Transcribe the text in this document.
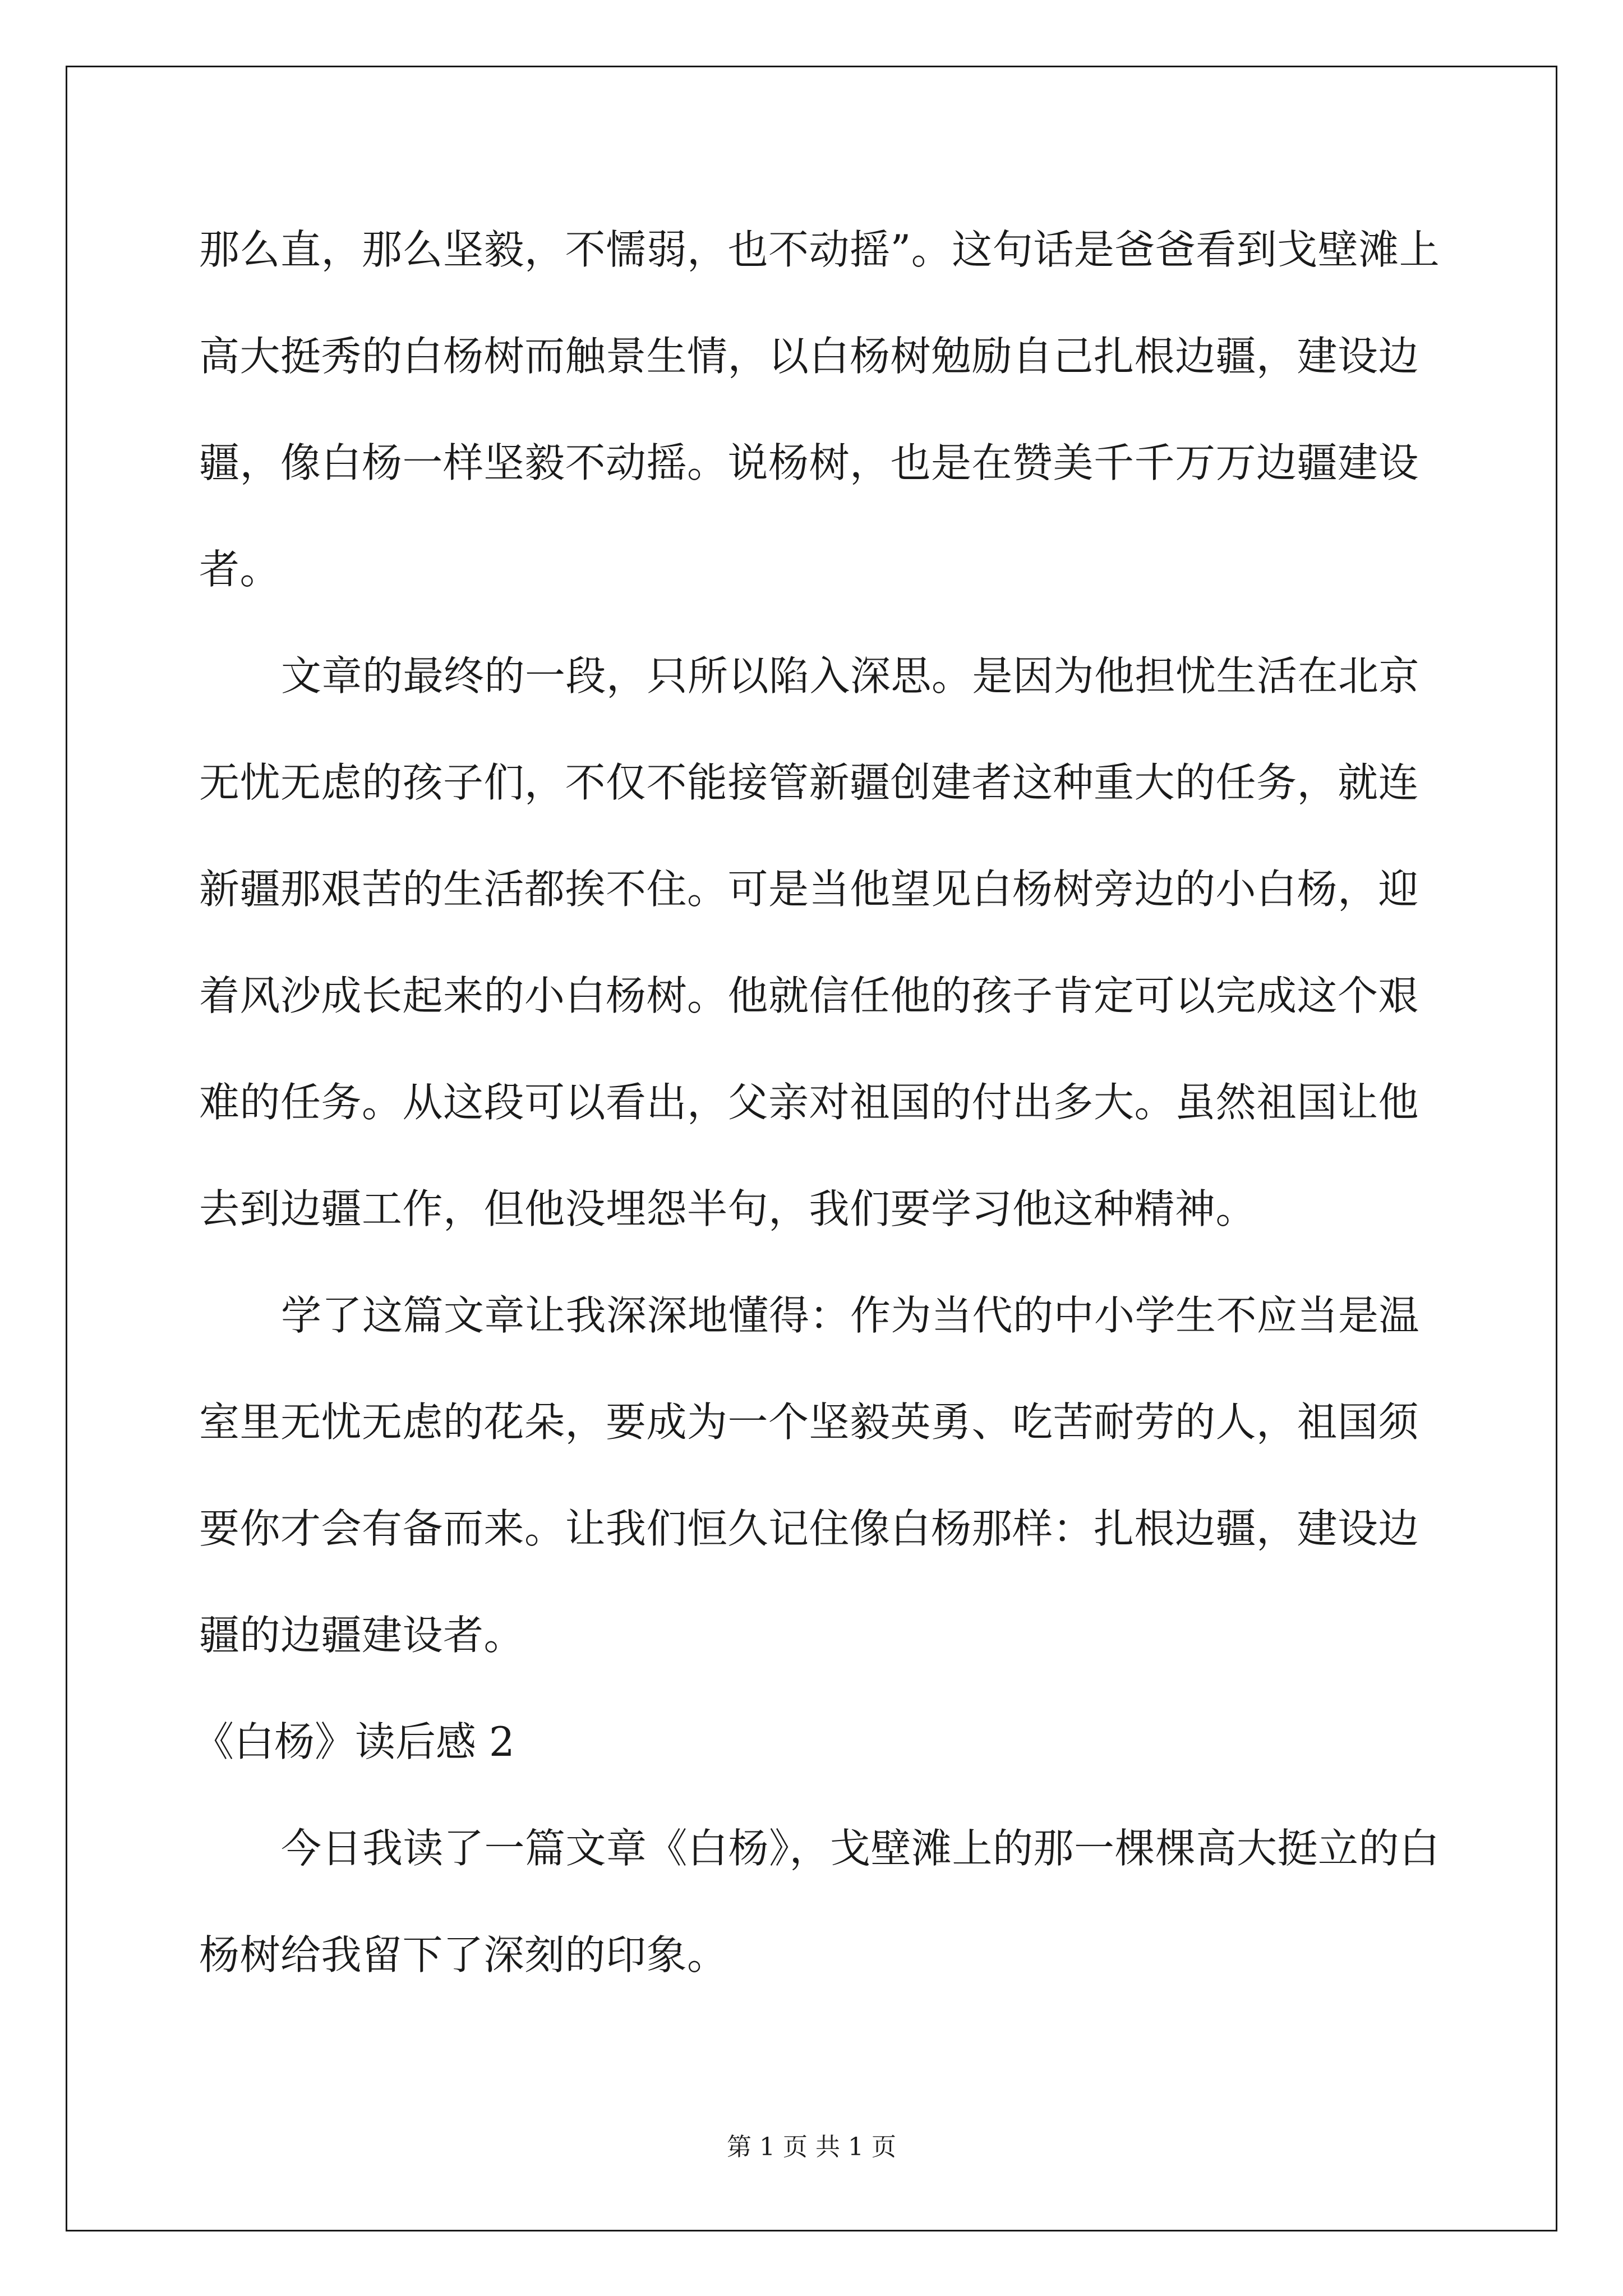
那么直，那么坚毅，不懦弱，也不动摇”。这句话是爸爸看到戈壁滩上
高大挺秀的白杨树而触景生情，以白杨树勉励自己扎根边疆，建设边
疆，像白杨一样坚毅不动摇。说杨树，也是在赞美千千万万边疆建设
者。
文章的最终的一段，只所以陷入深思。是因为他担忧生活在北京
无忧无虑的孩子们，不仅不能接管新疆创建者这种重大的任务，就连
新疆那艰苦的生活都挨不住。可是当他望见白杨树旁边的小白杨，迎
着风沙成长起来的小白杨树。他就信任他的孩子肯定可以完成这个艰
难的任务。从这段可以看出，父亲对祖国的付出多大。虽然祖国让他
去到边疆工作，但他没埋怨半句，我们要学习他这种精神。
学了这篇文章让我深深地懂得：作为当代的中小学生不应当是温
室里无忧无虑的花朵，要成为一个坚毅英勇、吃苦耐劳的人，祖国须
要你才会有备而来。让我们恒久记住像白杨那样：扎根边疆，建设边
疆的边疆建设者。
《白杨》读后感 2
今日我读了一篇文章《白杨》，戈壁滩上的那一棵棵高大挺立的白
杨树给我留下了深刻的印象。
第 1 页 共 1 页
